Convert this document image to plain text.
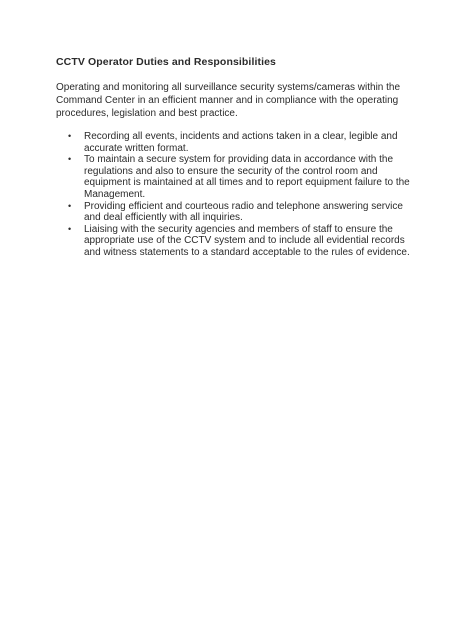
CCTV Operator Duties and Responsibilities

Operating and monitoring all surveillance security systems/cameras within the Command Center in an efficient manner and in compliance with the operating procedures, legislation and best practice.

• Recording all events, incidents and actions taken in a clear, legible and accurate written format.
• To maintain a secure system for providing data in accordance with the regulations and also to ensure the security of the control room and equipment is maintained at all times and to report equipment failure to the Management.
• Providing efficient and courteous radio and telephone answering service and deal efficiently with all inquiries.
• Liaising with the security agencies and members of staff to ensure the appropriate use of the CCTV system and to include all evidential records and witness statements to a standard acceptable to the rules of evidence.
